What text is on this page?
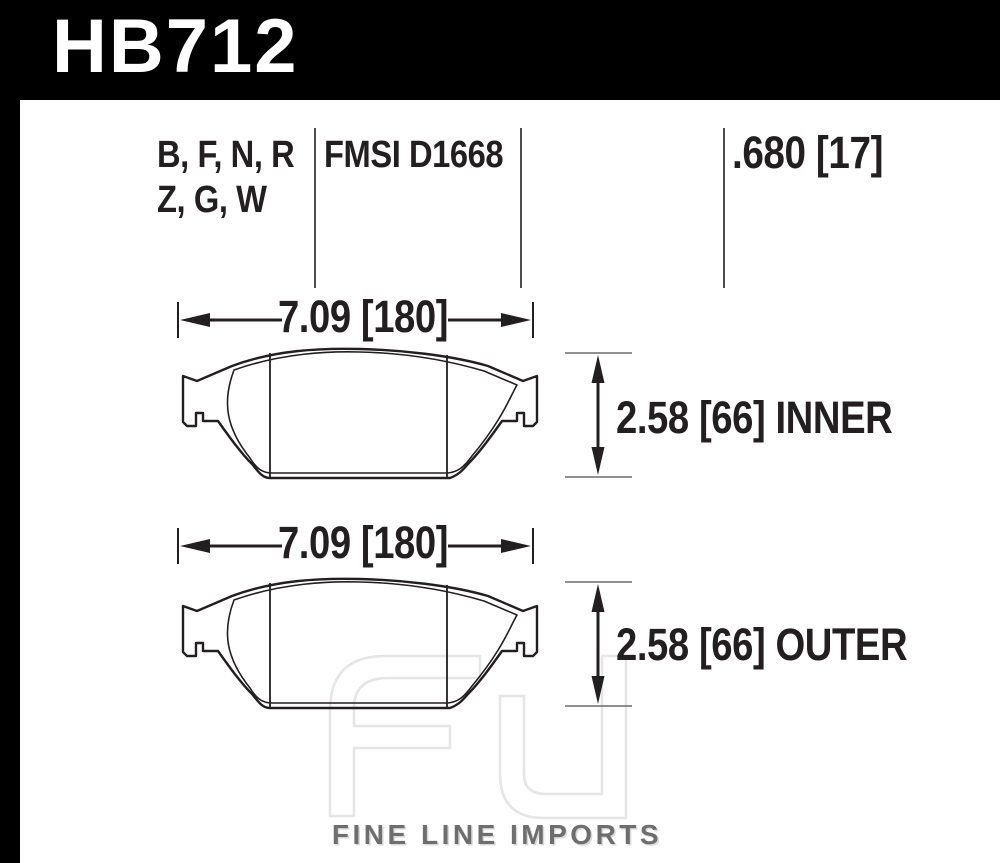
HB712
B, F, N, R
Z, G, W
FMSI D1668	.680 [17]
7.09 [180]
2.58 [66] INNER
7.09 [180]
2.58 [66] OUTER
FINE LINE IMPORTS
